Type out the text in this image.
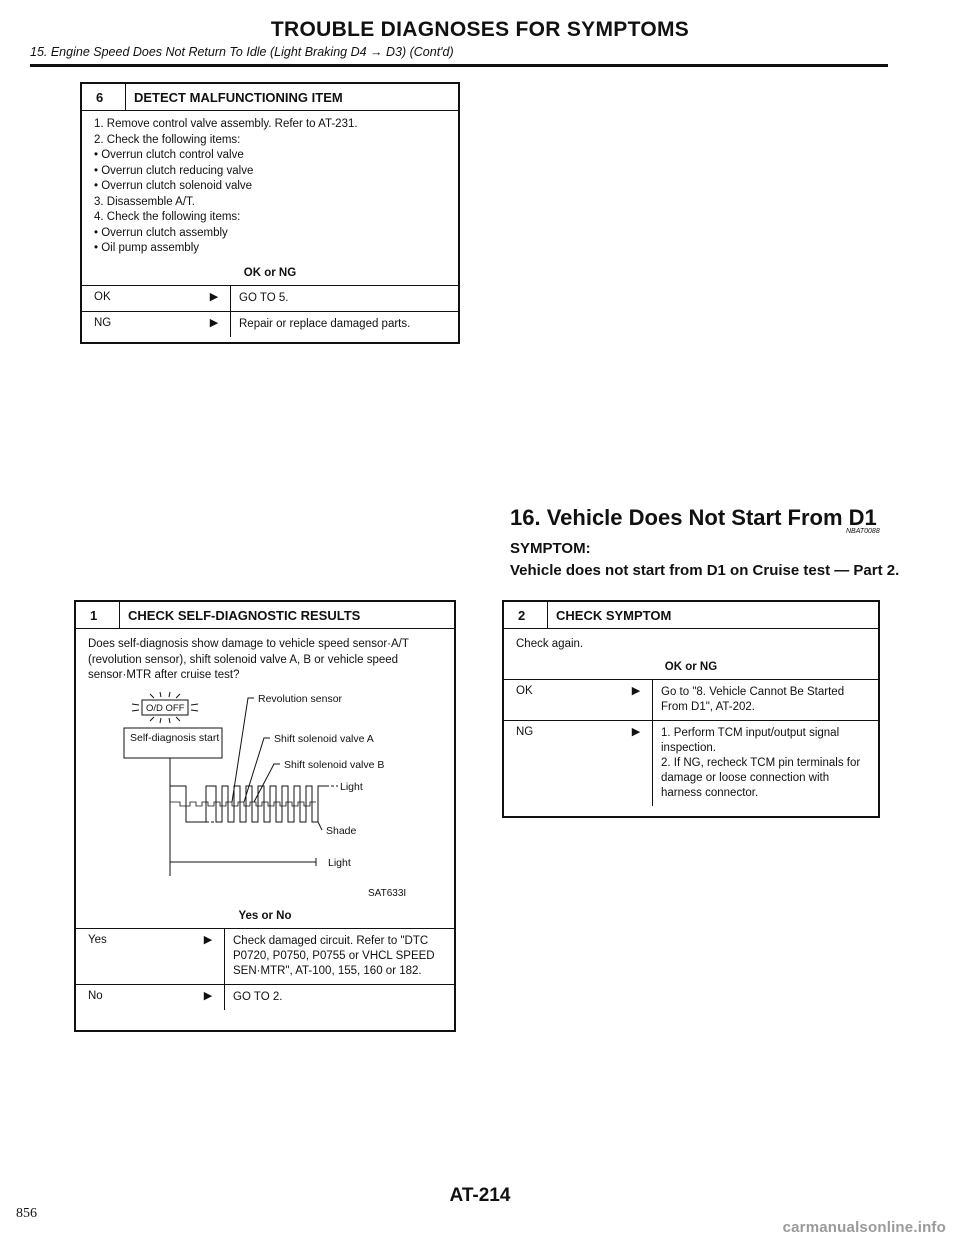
TROUBLE DIAGNOSES FOR SYMPTOMS
15. Engine Speed Does Not Return To Idle (Light Braking D4 → D3) (Cont'd)
6	DETECT MALFUNCTIONING ITEM
1. Remove control valve assembly. Refer to AT-231.
2. Check the following items:
• Overrun clutch control valve
• Overrun clutch reducing valve
• Overrun clutch solenoid valve
3. Disassemble A/T.
4. Check the following items:
• Overrun clutch assembly
• Oil pump assembly
OK or NG
OK	▶	GO TO 5.
NG	▶	Repair or replace damaged parts.
16. Vehicle Does Not Start From D1
NBAT0088
SYMPTOM:
Vehicle does not start from D1 on Cruise test — Part 2.
1	CHECK SELF-DIAGNOSTIC RESULTS
Does self-diagnosis show damage to vehicle speed sensor·A/T (revolution sensor), shift solenoid valve A, B or vehicle speed sensor·MTR after cruise test?
O/D OFF
Self-diagnosis start
Revolution sensor
Shift solenoid valve A
Shift solenoid valve B
Light
Shade
Light
SAT633I
Yes or No
Yes	▶	Check damaged circuit. Refer to "DTC P0720, P0750, P0755 or VHCL SPEED SEN·MTR", AT-100, 155, 160 or 182.
No	▶	GO TO 2.
2	CHECK SYMPTOM
Check again.
OK or NG
OK	▶	Go to "8. Vehicle Cannot Be Started From D1", AT-202.
NG	▶	1. Perform TCM input/output signal inspection.
2. If NG, recheck TCM pin terminals for damage or loose connection with harness connector.
AT-214
856
carmanualsonline.info
